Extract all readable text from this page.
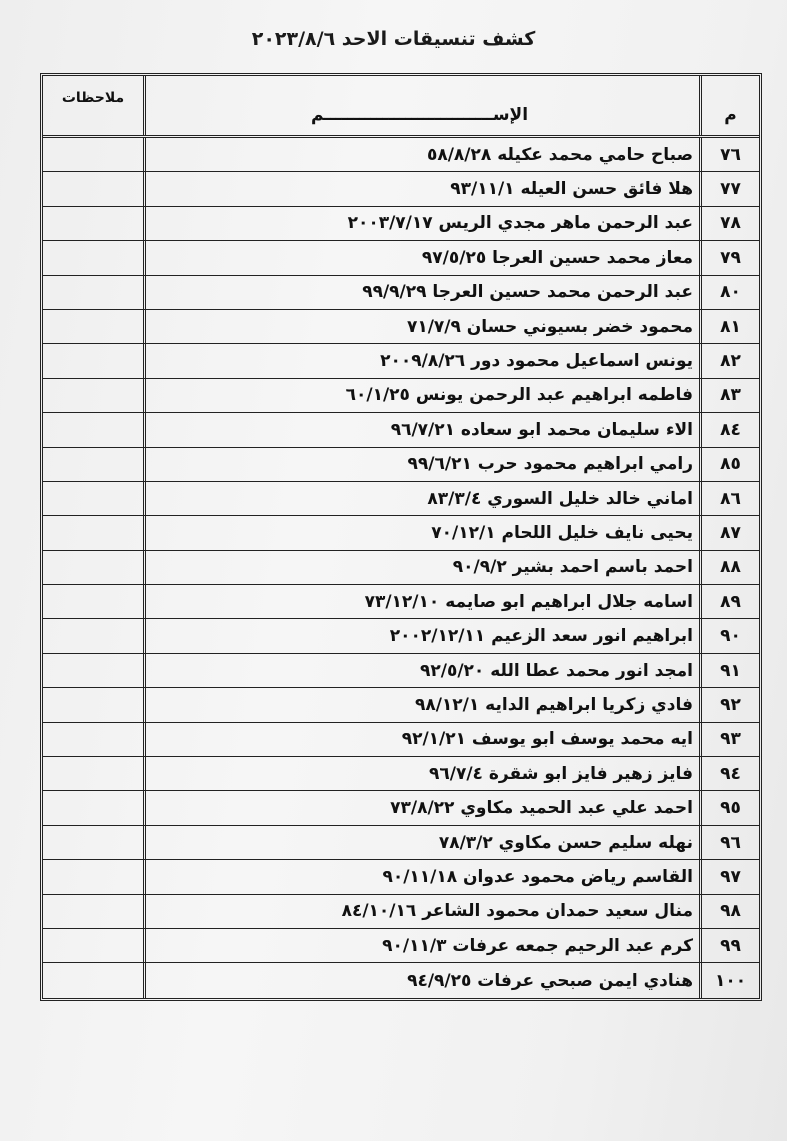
كشف تنسيقات الاحد ٢٠٢٣/٨/٦
م
الإســـــــــــــــــــــــــــــم
ملاحظات
٧٦
صباح حامي محمد عكيله ٥٨/٨/٢٨
٧٧
هلا فائق حسن العيله ٩٣/١١/١
٧٨
عبد الرحمن ماهر مجدي الريس ٢٠٠٣/٧/١٧
٧٩
معاز محمد حسين العرجا ٩٧/٥/٢٥
٨٠
عبد الرحمن محمد حسين العرجا ٩٩/٩/٢٩
٨١
محمود خضر بسيوني حسان ٧١/٧/٩
٨٢
يونس اسماعيل محمود دور ٢٠٠٩/٨/٢٦
٨٣
فاطمه ابراهيم عبد الرحمن يونس ٦٠/١/٢٥
٨٤
الاء سليمان محمد ابو سعاده ٩٦/٧/٢١
٨٥
رامي ابراهيم محمود حرب ٩٩/٦/٢١
٨٦
اماني خالد خليل السوري ٨٣/٣/٤
٨٧
يحيى نايف خليل اللحام ٧٠/١٢/١
٨٨
احمد باسم احمد بشير ٩٠/٩/٢
٨٩
اسامه جلال ابراهيم ابو صايمه ٧٣/١٢/١٠
٩٠
ابراهيم انور سعد الزعيم ٢٠٠٢/١٢/١١
٩١
امجد انور محمد عطا الله ٩٢/٥/٢٠
٩٢
فادي زكريا ابراهيم الدايه ٩٨/١٢/١
٩٣
ايه محمد يوسف ابو يوسف ٩٢/١/٢١
٩٤
فايز زهير فايز ابو شقرة ٩٦/٧/٤
٩٥
احمد علي عبد الحميد مكاوي ٧٣/٨/٢٢
٩٦
نهله سليم حسن مكاوي ٧٨/٣/٢
٩٧
القاسم رياض محمود عدوان ٩٠/١١/١٨
٩٨
منال سعيد حمدان محمود الشاعر ٨٤/١٠/١٦
٩٩
كرم عبد الرحيم جمعه عرفات ٩٠/١١/٣
١٠٠
هنادي ايمن صبحي عرفات ٩٤/٩/٢٥
